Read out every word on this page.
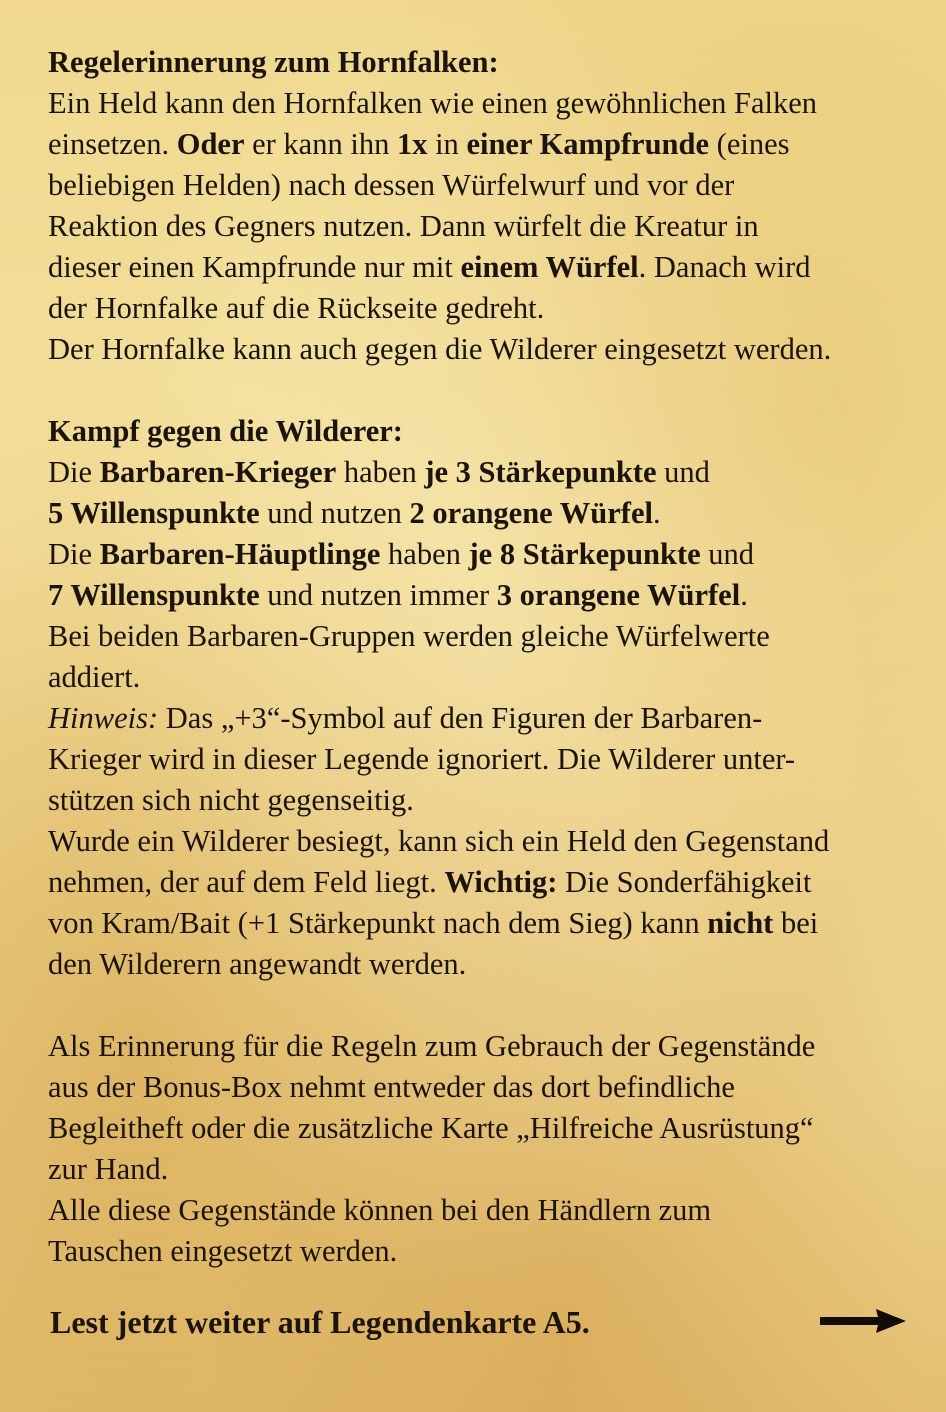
Regelerinnerung zum Hornfalken:
Ein Held kann den Hornfalken wie einen gewöhnlichen Falken
einsetzen. Oder er kann ihn 1x in einer Kampfrunde (eines
beliebigen Helden) nach dessen Würfelwurf und vor der
Reaktion des Gegners nutzen. Dann würfelt die Kreatur in
dieser einen Kampfrunde nur mit einem Würfel. Danach wird
der Hornfalke auf die Rückseite gedreht.
Der Hornfalke kann auch gegen die Wilderer eingesetzt werden.
Kampf gegen die Wilderer:
Die Barbaren-Krieger haben je 3 Stärkepunkte und
5 Willenspunkte und nutzen 2 orangene Würfel.
Die Barbaren-Häuptlinge haben je 8 Stärkepunkte und
7 Willenspunkte und nutzen immer 3 orangene Würfel.
Bei beiden Barbaren-Gruppen werden gleiche Würfelwerte
addiert.
Hinweis: Das „+3“-Symbol auf den Figuren der Barbaren-
Krieger wird in dieser Legende ignoriert. Die Wilderer unter-
stützen sich nicht gegenseitig.
Wurde ein Wilderer besiegt, kann sich ein Held den Gegenstand
nehmen, der auf dem Feld liegt. Wichtig: Die Sonderfähigkeit
von Kram/Bait (+1 Stärkepunkt nach dem Sieg) kann nicht bei
den Wilderern angewandt werden.
Als Erinnerung für die Regeln zum Gebrauch der Gegenstände
aus der Bonus-Box nehmt entweder das dort befindliche
Begleitheft oder die zusätzliche Karte „Hilfreiche Ausrüstung“
zur Hand.
Alle diese Gegenstände können bei den Händlern zum
Tauschen eingesetzt werden.
Lest jetzt weiter auf Legendenkarte A5.
